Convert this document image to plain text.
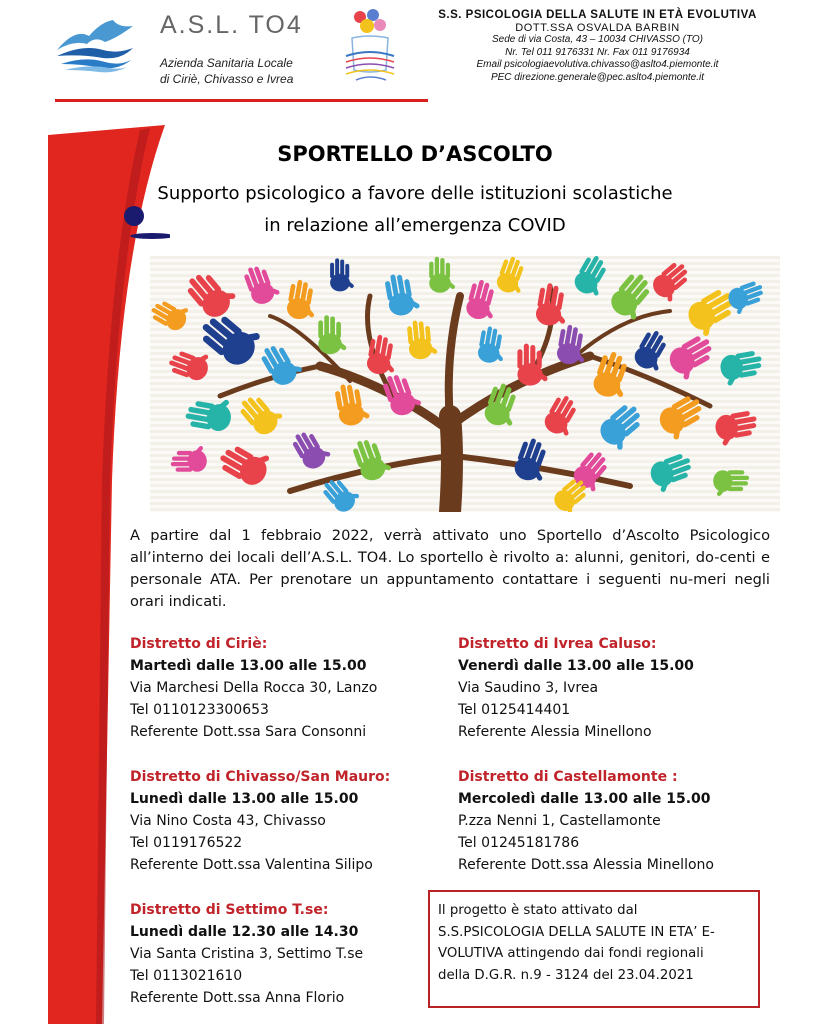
A.S.L. TO4
Azienda Sanitaria Locale
di Ciriè, Chivasso e Ivrea
S.S. PSICOLOGIA DELLA SALUTE IN ETÀ EVOLUTIVA
DOTT.SSA OSVALDA BARBIN
Sede di via Costa, 43 – 10034 CHIVASSO (TO)
Nr. Tel 011 9176331 Nr. Fax 011 9176934
Email psicologiaevolutiva.chivasso@aslto4.piemonte.it
PEC direzione.generale@pec.aslto4.piemonte.it
SPORTELLO D’ASCOLTO
Supporto psicologico a favore delle istituzioni scolastiche
in relazione all’emergenza COVID
A partire dal 1 febbraio 2022, verrà attivato uno Sportello d’Ascolto Psicologico all’interno dei locali dell’A.S.L. TO4. Lo sportello è rivolto a: alunni, genitori, do-centi e personale ATA. Per prenotare un appuntamento contattare i seguenti nu-meri negli orari indicati.
Distretto di Ciriè:
Martedì dalle 13.00 alle 15.00
Via Marchesi Della Rocca 30, Lanzo
Tel 0110123300653
Referente Dott.ssa Sara Consonni
Distretto di Ivrea Caluso:
Venerdì dalle 13.00 alle 15.00
Via Saudino 3, Ivrea
Tel 0125414401
Referente Alessia Minellono
Distretto di Chivasso/San Mauro:
Lunedì dalle 13.00 alle 15.00
Via Nino Costa 43, Chivasso
Tel 0119176522
Referente Dott.ssa Valentina Silipo
Distretto di Castellamonte :
Mercoledì dalle 13.00 alle 15.00
P.zza Nenni 1, Castellamonte
Tel 01245181786
Referente Dott.ssa Alessia Minellono
Distretto di Settimo T.se:
Lunedì dalle 12.30 alle 14.30
Via Santa Cristina 3, Settimo T.se
Tel 0113021610
Referente Dott.ssa Anna Florio
Il progetto è stato attivato dal
S.S.PSICOLOGIA DELLA SALUTE IN ETA’ E-
VOLUTIVA attingendo dai fondi regionali
della D.G.R. n.9 - 3124 del 23.04.2021
